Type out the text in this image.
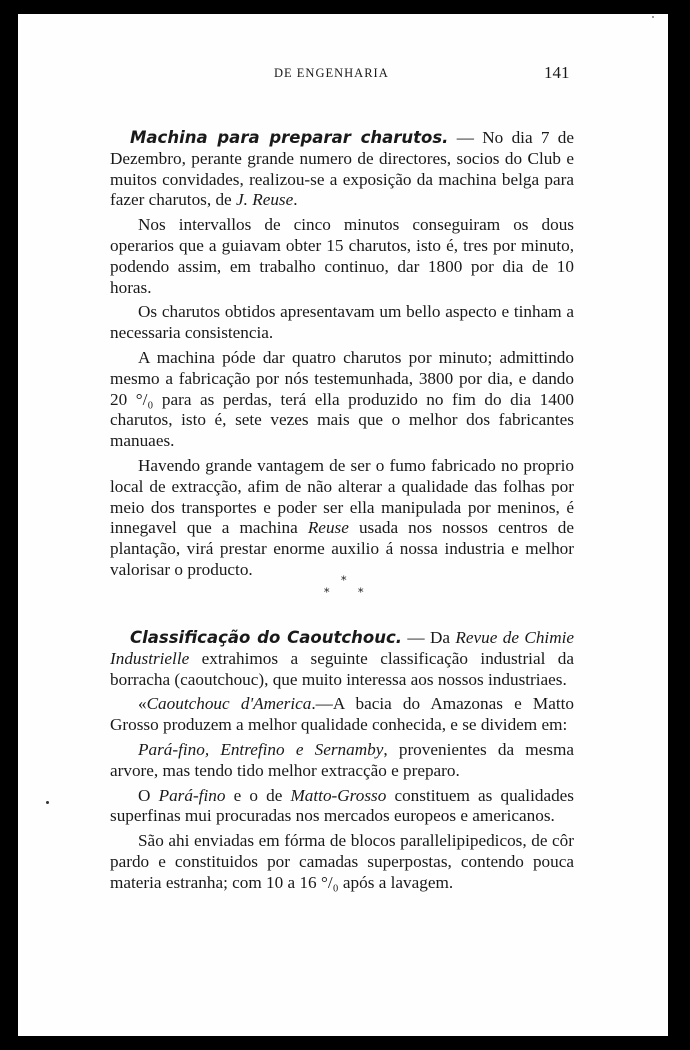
DE ENGENHARIA	141

Machina para preparar charutos. — No dia 7 de Dezembro, perante grande numero de directores, socios do Club e muitos convidades, realizou-se a exposição da machina belga para fazer charutos, de J. Reuse.

Nos intervallos de cinco minutos conseguiram os dous operarios que a guiavam obter 15 charutos, isto é, tres por minuto, podendo assim, em trabalho continuo, dar 1800 por dia de 10 horas.

Os charutos obtidos apresentavam um bello aspecto e tinham a necessaria consistencia.

A machina póde dar quatro charutos por minuto; admittindo mesmo a fabricação por nós testemunhada, 3800 por dia, e dando 20 °/₀ para as perdas, terá ella produzido no fim do dia 1400 charutos, isto é, sete vezes mais que o melhor dos fabricantes manuaes.

Havendo grande vantagem de ser o fumo fabricado no proprio local de extracção, afim de não alterar a qualidade das folhas por meio dos transportes e poder ser ella manipulada por meninos, é innegavel que a machina Reuse usada nos nossos centros de plantação, virá prestar enorme auxilio á nossa industria e melhor valorisar o producto.

*
*	*

Classificação do Caoutchouc. — Da Revue de Chimie Industrielle extrahimos a seguinte classificação industrial da borracha (caoutchouc), que muito interessa aos nossos industriaes.

«Caoutchouc d'America.—A bacia do Amazonas e Matto Grosso produzem a melhor qualidade conhecida, e se dividem em:

Pará-fino, Entrefino e Sernamby, provenientes da mesma arvore, mas tendo tido melhor extracção e preparo.

O Pará-fino e o de Matto-Grosso constituem as qualidades superfinas mui procuradas nos mercados europeos e americanos.

São ahi enviadas em fórma de blocos parallelipipedicos, de côr pardo e constituidos por camadas superpostas, contendo pouca materia estranha; com 10 a 16 °/₀ após a lavagem.
